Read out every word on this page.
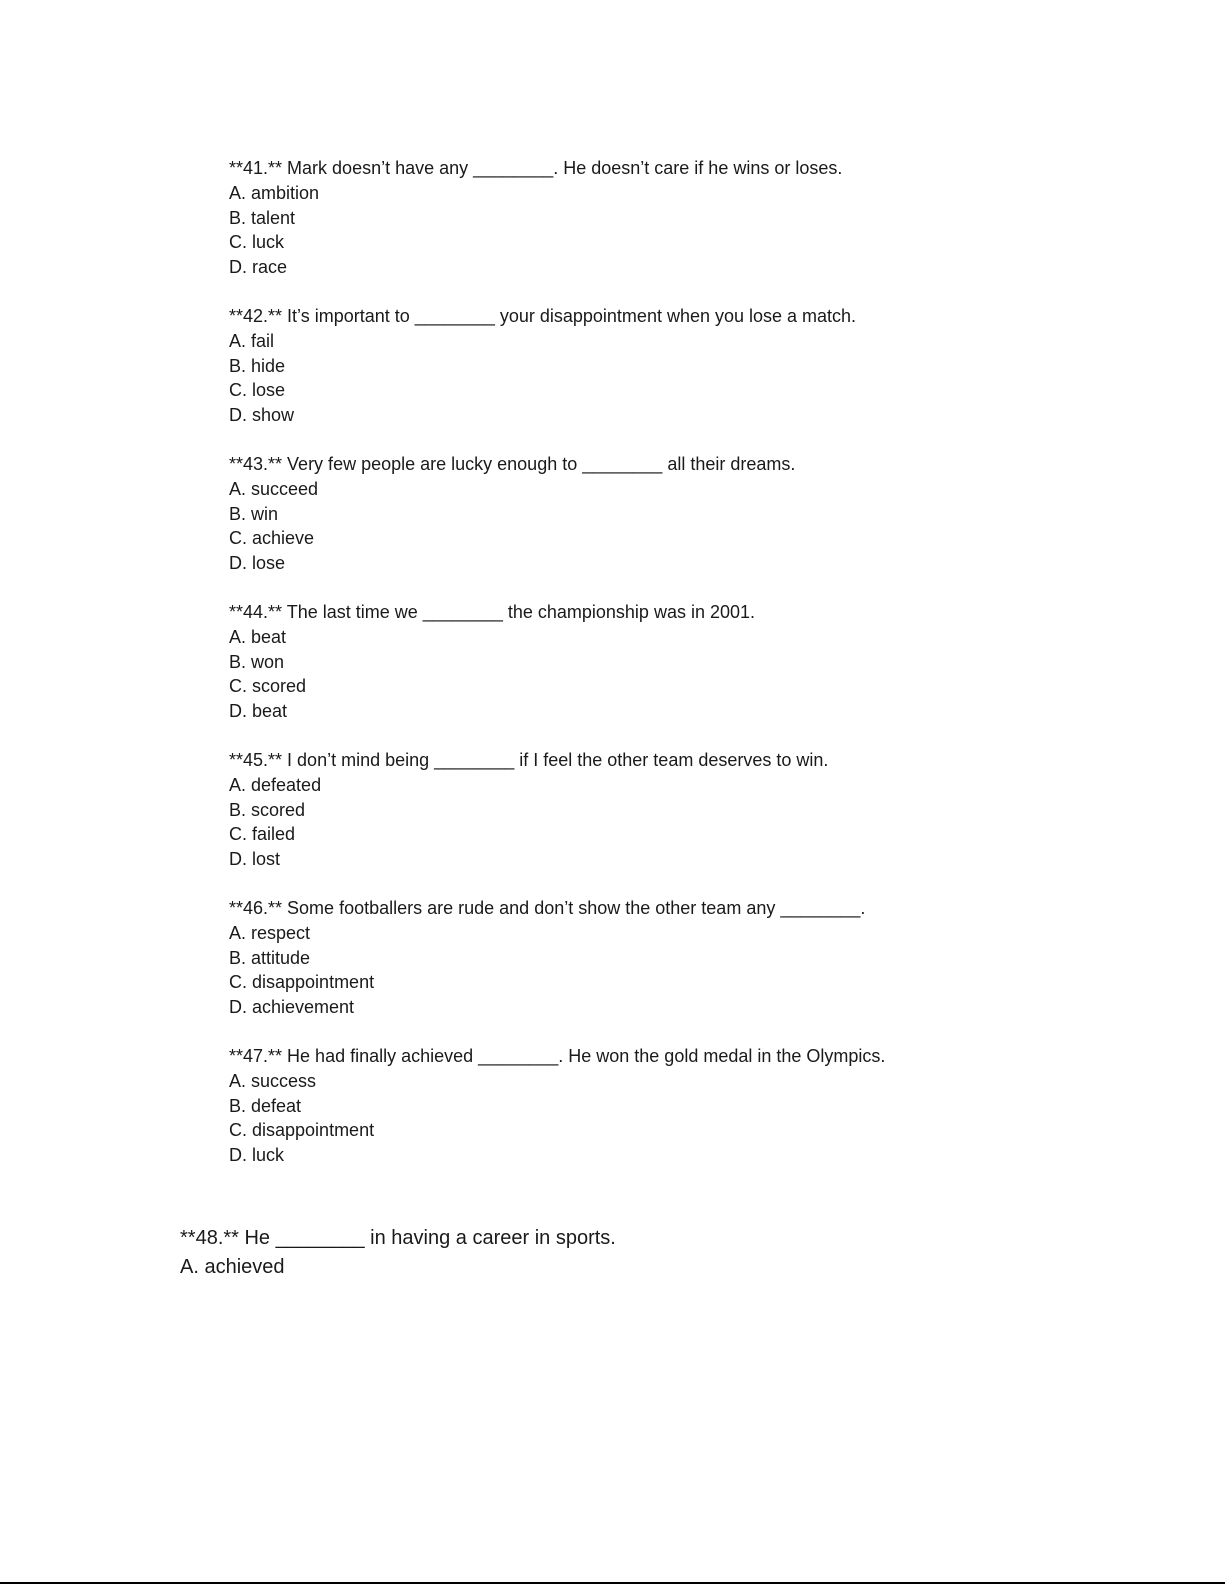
**41.** Mark doesn’t have any ________. He doesn’t care if he wins or loses.

A. ambition

B. talent

C. luck

D. race

**42.** It’s important to ________ your disappointment when you lose a match.

A. fail

B. hide

C. lose

D. show

**43.** Very few people are lucky enough to ________ all their dreams.

A. succeed

B. win

C. achieve

D. lose

**44.** The last time we ________ the championship was in 2001.

A. beat

B. won

C. scored

D. beat

**45.** I don’t mind being ________ if I feel the other team deserves to win.

A. defeated

B. scored

C. failed

D. lost

**46.** Some footballers are rude and don’t show the other team any ________.

A. respect

B. attitude

C. disappointment

D. achievement

**47.** He had finally achieved ________. He won the gold medal in the Olympics.

A. success

B. defeat

C. disappointment

D. luck

**48.** He ________ in having a career in sports.

A. achieved
